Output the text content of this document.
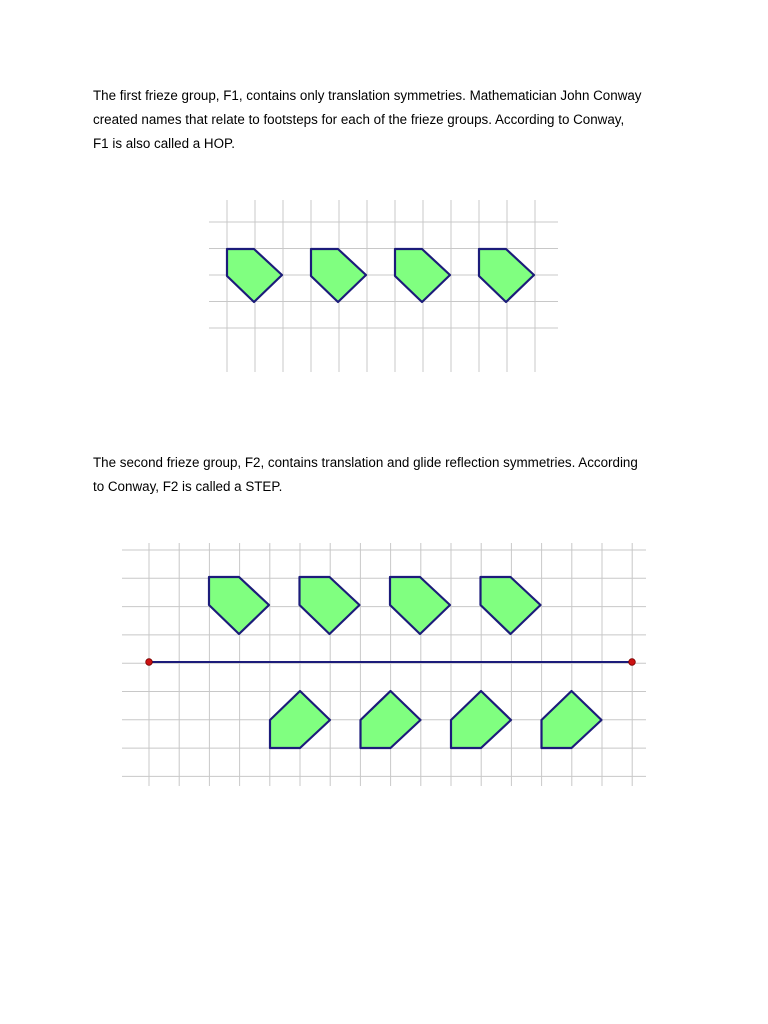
The first frieze group, F1, contains only translation symmetries. Mathematician John Conway
created names that relate to footsteps for each of the frieze groups. According to Conway,
F1 is also called a HOP.
The second frieze group, F2, contains translation and glide reflection symmetries. According
to Conway, F2 is called a STEP.
